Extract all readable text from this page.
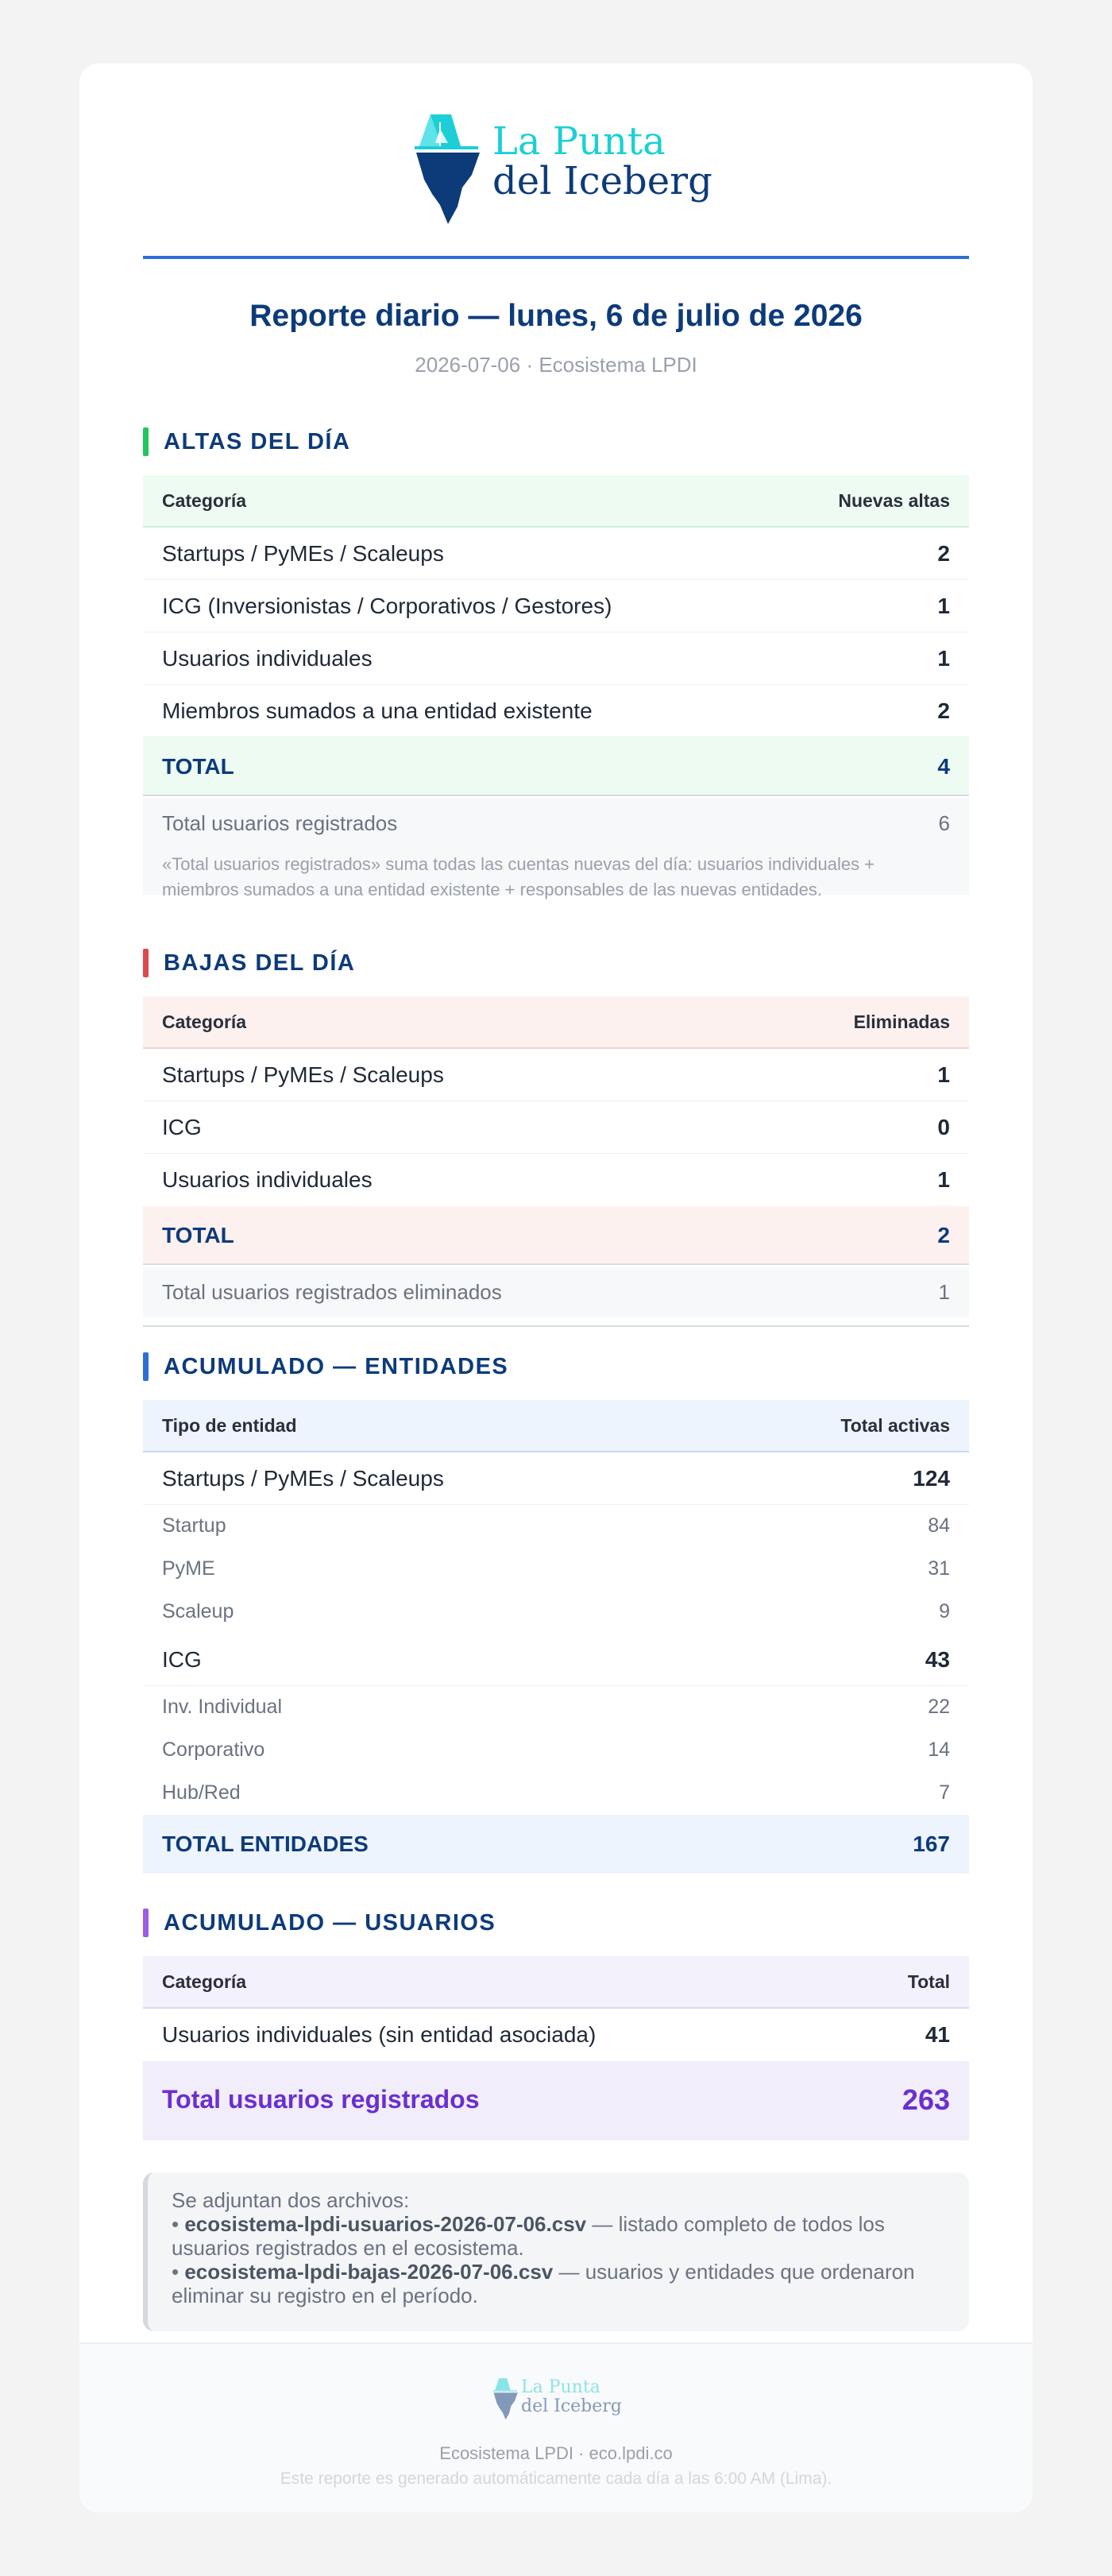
La Punta
del Iceberg
Reporte diario — lunes, 6 de julio de 2026
2026-07-06 · Ecosistema LPDI
ALTAS DEL DÍA
Categoría	Nuevas altas
Startups / PyMEs / Scaleups	2
ICG (Inversionistas / Corporativos / Gestores)	1
Usuarios individuales	1
Miembros sumados a una entidad existente	2
TOTAL	4
Total usuarios registrados	6
«Total usuarios registrados» suma todas las cuentas nuevas del día: usuarios individuales + miembros sumados a una entidad existente + responsables de las nuevas entidades.
BAJAS DEL DÍA
Categoría	Eliminadas
Startups / PyMEs / Scaleups	1
ICG	0
Usuarios individuales	1
TOTAL	2
Total usuarios registrados eliminados	1
ACUMULADO — ENTIDADES
Tipo de entidad	Total activas
Startups / PyMEs / Scaleups	124
Startup	84
PyME	31
Scaleup	9
ICG	43
Inv. Individual	22
Corporativo	14
Hub/Red	7
TOTAL ENTIDADES	167
ACUMULADO — USUARIOS
Categoría	Total
Usuarios individuales (sin entidad asociada)	41
Total usuarios registrados	263
Se adjuntan dos archivos:
• ecosistema-lpdi-usuarios-2026-07-06.csv — listado completo de todos los usuarios registrados en el ecosistema.
• ecosistema-lpdi-bajas-2026-07-06.csv — usuarios y entidades que ordenaron eliminar su registro en el período.
La Punta
del Iceberg
Ecosistema LPDI · eco.lpdi.co
Este reporte es generado automáticamente cada día a las 6:00 AM (Lima).
